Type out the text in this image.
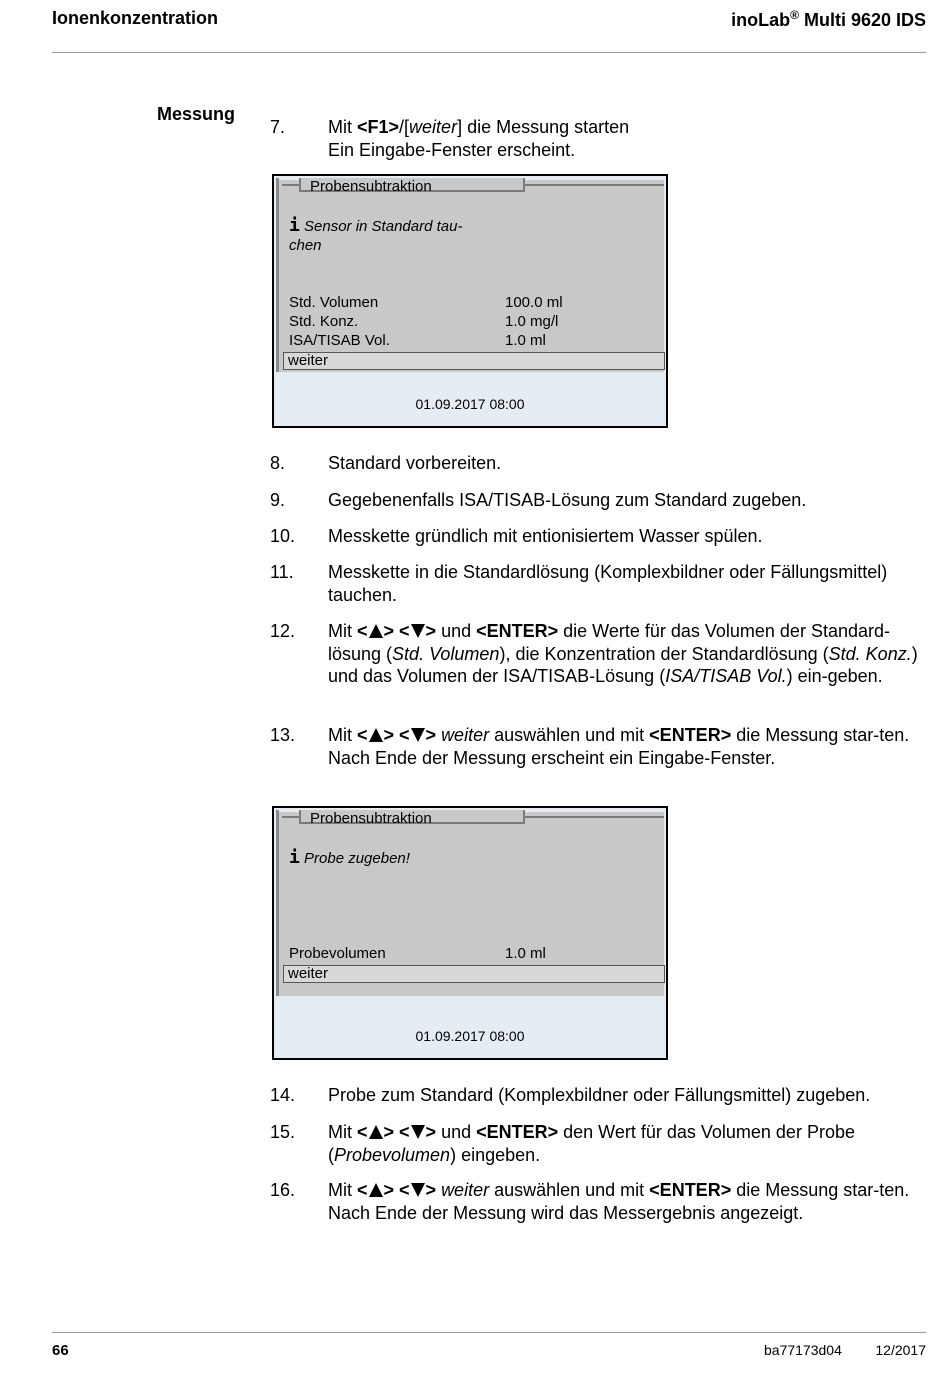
Ionenkonzentration	inoLab® Multi 9620 IDS
Messung
7. Mit <F1>/[weiter] die Messung starten
Ein Eingabe-Fenster erscheint.
Probensubtraktion
i Sensor in Standard tau-chen
Std. Volumen	100.0 ml
Std. Konz.	1.0 mg/l
ISA/TISAB Vol.	1.0 ml
weiter
01.09.2017 08:00
8. Standard vorbereiten.
9. Gegebenenfalls ISA/TISAB-Lösung zum Standard zugeben.
10. Messkette gründlich mit entionisiertem Wasser spülen.
11. Messkette in die Standardlösung (Komplexbildner oder Fällungsmittel)
tauchen.
12. Mit < > < > und <ENTER> die Werte für das Volumen der Standard-lösung (Std. Volumen), die Konzentration der Standardlösung (Std. Konz.) und das Volumen der ISA/TISAB-Lösung (ISA/TISAB Vol.) ein-geben.
13. Mit < > < > weiter auswählen und mit <ENTER> die Messung star-ten.
Nach Ende der Messung erscheint ein Eingabe-Fenster.
Probensubtraktion
i Probe zugeben!
Probevolumen	1.0 ml
weiter
01.09.2017 08:00
14. Probe zum Standard (Komplexbildner oder Fällungsmittel) zugeben.
15. Mit < > < > und <ENTER> den Wert für das Volumen der Probe
(Probevolumen) eingeben.
16. Mit < > < > weiter auswählen und mit <ENTER> die Messung star-ten.
Nach Ende der Messung wird das Messergebnis angezeigt.
66	ba77173d04 12/2017
